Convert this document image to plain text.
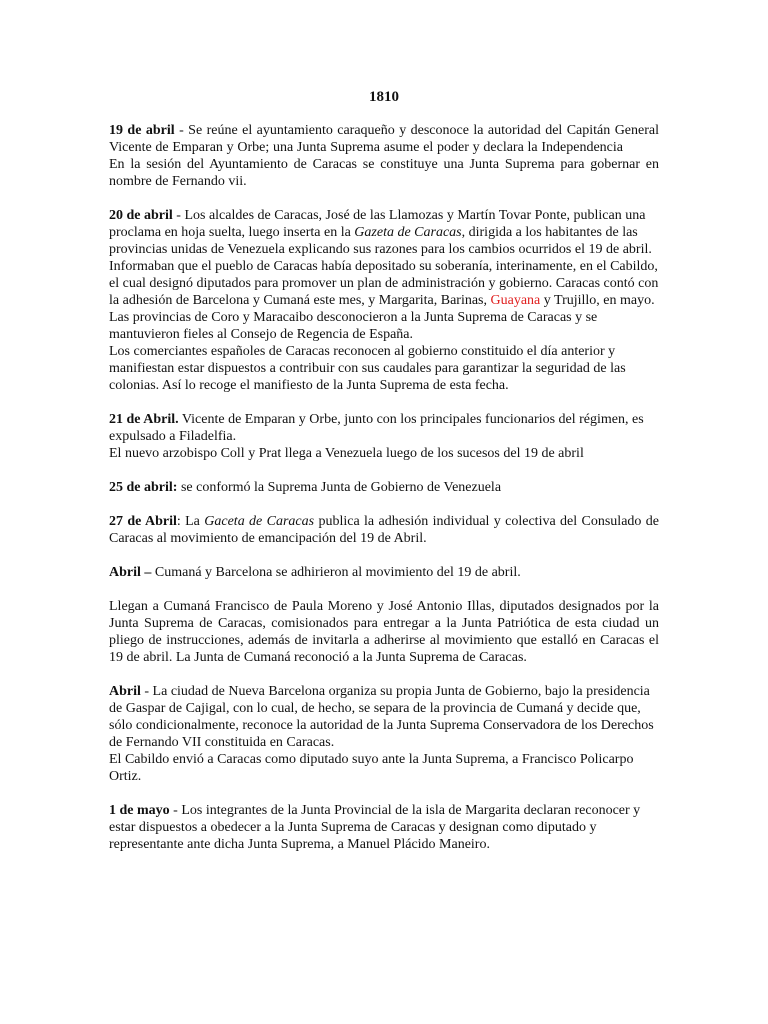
1810

19 de abril - Se reúne el ayuntamiento caraqueño y desconoce la autoridad del Capitán General Vicente de Emparan y Orbe; una Junta Suprema asume el poder y declara la IndependenciaEn la sesión del Ayuntamiento de Caracas se constituye una Junta Suprema para gobernar en nombre de Fernando vii.

20 de abril - Los alcaldes de Caracas, José de las Llamozas y Martín Tovar Ponte, publican una proclama en hoja suelta, luego inserta en la Gazeta de Caracas, dirigida a los habitantes de las provincias unidas de Venezuela explicando sus razones para los cambios ocurridos el 19 de abril.

Informaban que el pueblo de Caracas había depositado su soberanía, interinamente, en el Cabildo, el cual designó diputados para promover un plan de administración y gobierno. Caracas contó con la adhesión de Barcelona y Cumaná este mes, y Margarita, Barinas, Guayana y Trujillo, en mayo. Las provincias de Coro y Maracaibo desconocieron a la Junta Suprema de Caracas y se mantuvieron fieles al Consejo de Regencia de España.

Los comerciantes españoles de Caracas reconocen al gobierno constituido el día anterior y manifiestan estar dispuestos a contribuir con sus caudales para garantizar la seguridad de las colonias. Así lo recoge el manifiesto de la Junta Suprema de esta fecha.

21 de Abril. Vicente de Emparan y Orbe, junto con los principales funcionarios del régimen, es expulsado a Filadelfia.

El nuevo arzobispo Coll y Prat llega a Venezuela luego de los sucesos del 19 de abril

25 de abril: se conformó la Suprema Junta de Gobierno de Venezuela

27 de Abril: La Gaceta de Caracas publica la adhesión individual y colectiva del Consulado de Caracas al movimiento de emancipación del 19 de Abril.

Abril – Cumaná y Barcelona se adhirieron al movimiento del 19 de abril.

Llegan a Cumaná Francisco de Paula Moreno y José Antonio Illas, diputados designados por la Junta Suprema de Caracas, comisionados para entregar a la Junta Patriótica de esta ciudad un pliego de instrucciones, además de invitarla a adherirse al movimiento que estalló en Caracas el 19 de abril. La Junta de Cumaná reconoció a la Junta Suprema de Caracas.

Abril - La ciudad de Nueva Barcelona organiza su propia Junta de Gobierno, bajo la presidencia de Gaspar de Cajigal, con lo cual, de hecho, se separa de la provincia de Cumaná y decide que, sólo condicionalmente, reconoce la autoridad de la Junta Suprema Conservadora de los Derechos de Fernando VII constituida en Caracas.

El Cabildo envió a Caracas como diputado suyo ante la Junta Suprema, a Francisco Policarpo Ortiz.

1 de mayo - Los integrantes de la Junta Provincial de la isla de Margarita declaran reconocer y estar dispuestos a obedecer a la Junta Suprema de Caracas y designan como diputado y representante ante dicha Junta Suprema, a Manuel Plácido Maneiro.
